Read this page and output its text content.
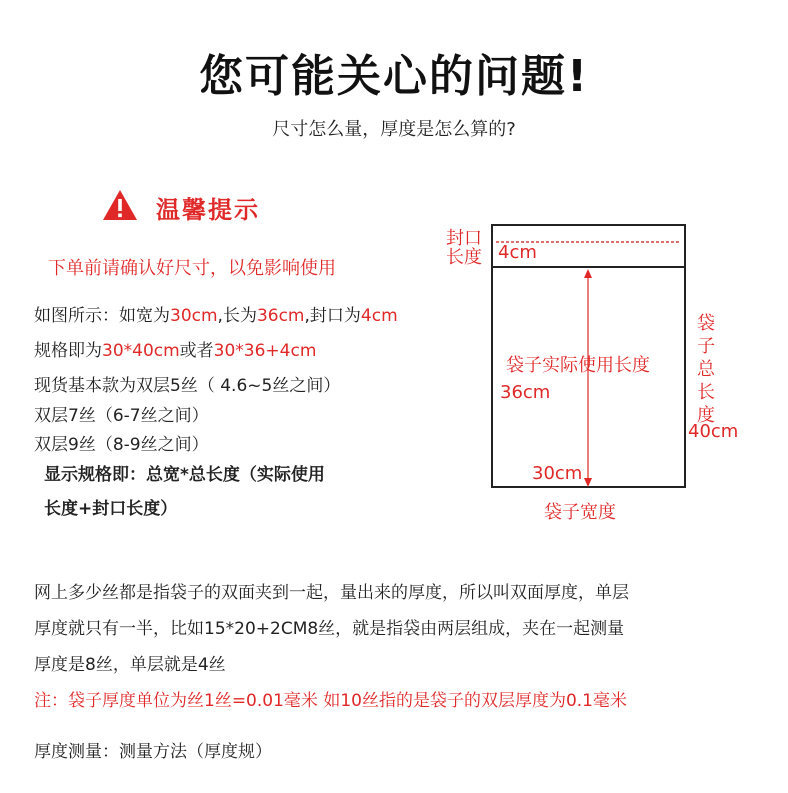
您可能关心的问题!
尺寸怎么量，厚度是怎么算的?
温馨提示
下单前请确认好尺寸，以免影响使用
如图所示：如宽为30cm,长为36cm,封口为4cm
规格即为30*40cm或者30*36+4cm
现货基本款为双层5丝（ 4.6~5丝之间）
双层7丝（6-7丝之间）
双层9丝（8-9丝之间）
显示规格即：总宽*总长度（实际使用
长度+封口长度）
封口
长度 4cm
袋子实际使用长度
36cm
30cm
袋子宽度
袋
子
总
长
度
40cm
网上多少丝都是指袋子的双面夹到一起，量出来的厚度，所以叫双面厚度，单层
厚度就只有一半，比如15*20+2CM8丝，就是指袋由两层组成，夹在一起测量
厚度是8丝，单层就是4丝
注：袋子厚度单位为丝1丝=0.01毫米 如10丝指的是袋子的双层厚度为0.1毫米
厚度测量：测量方法（厚度规）
